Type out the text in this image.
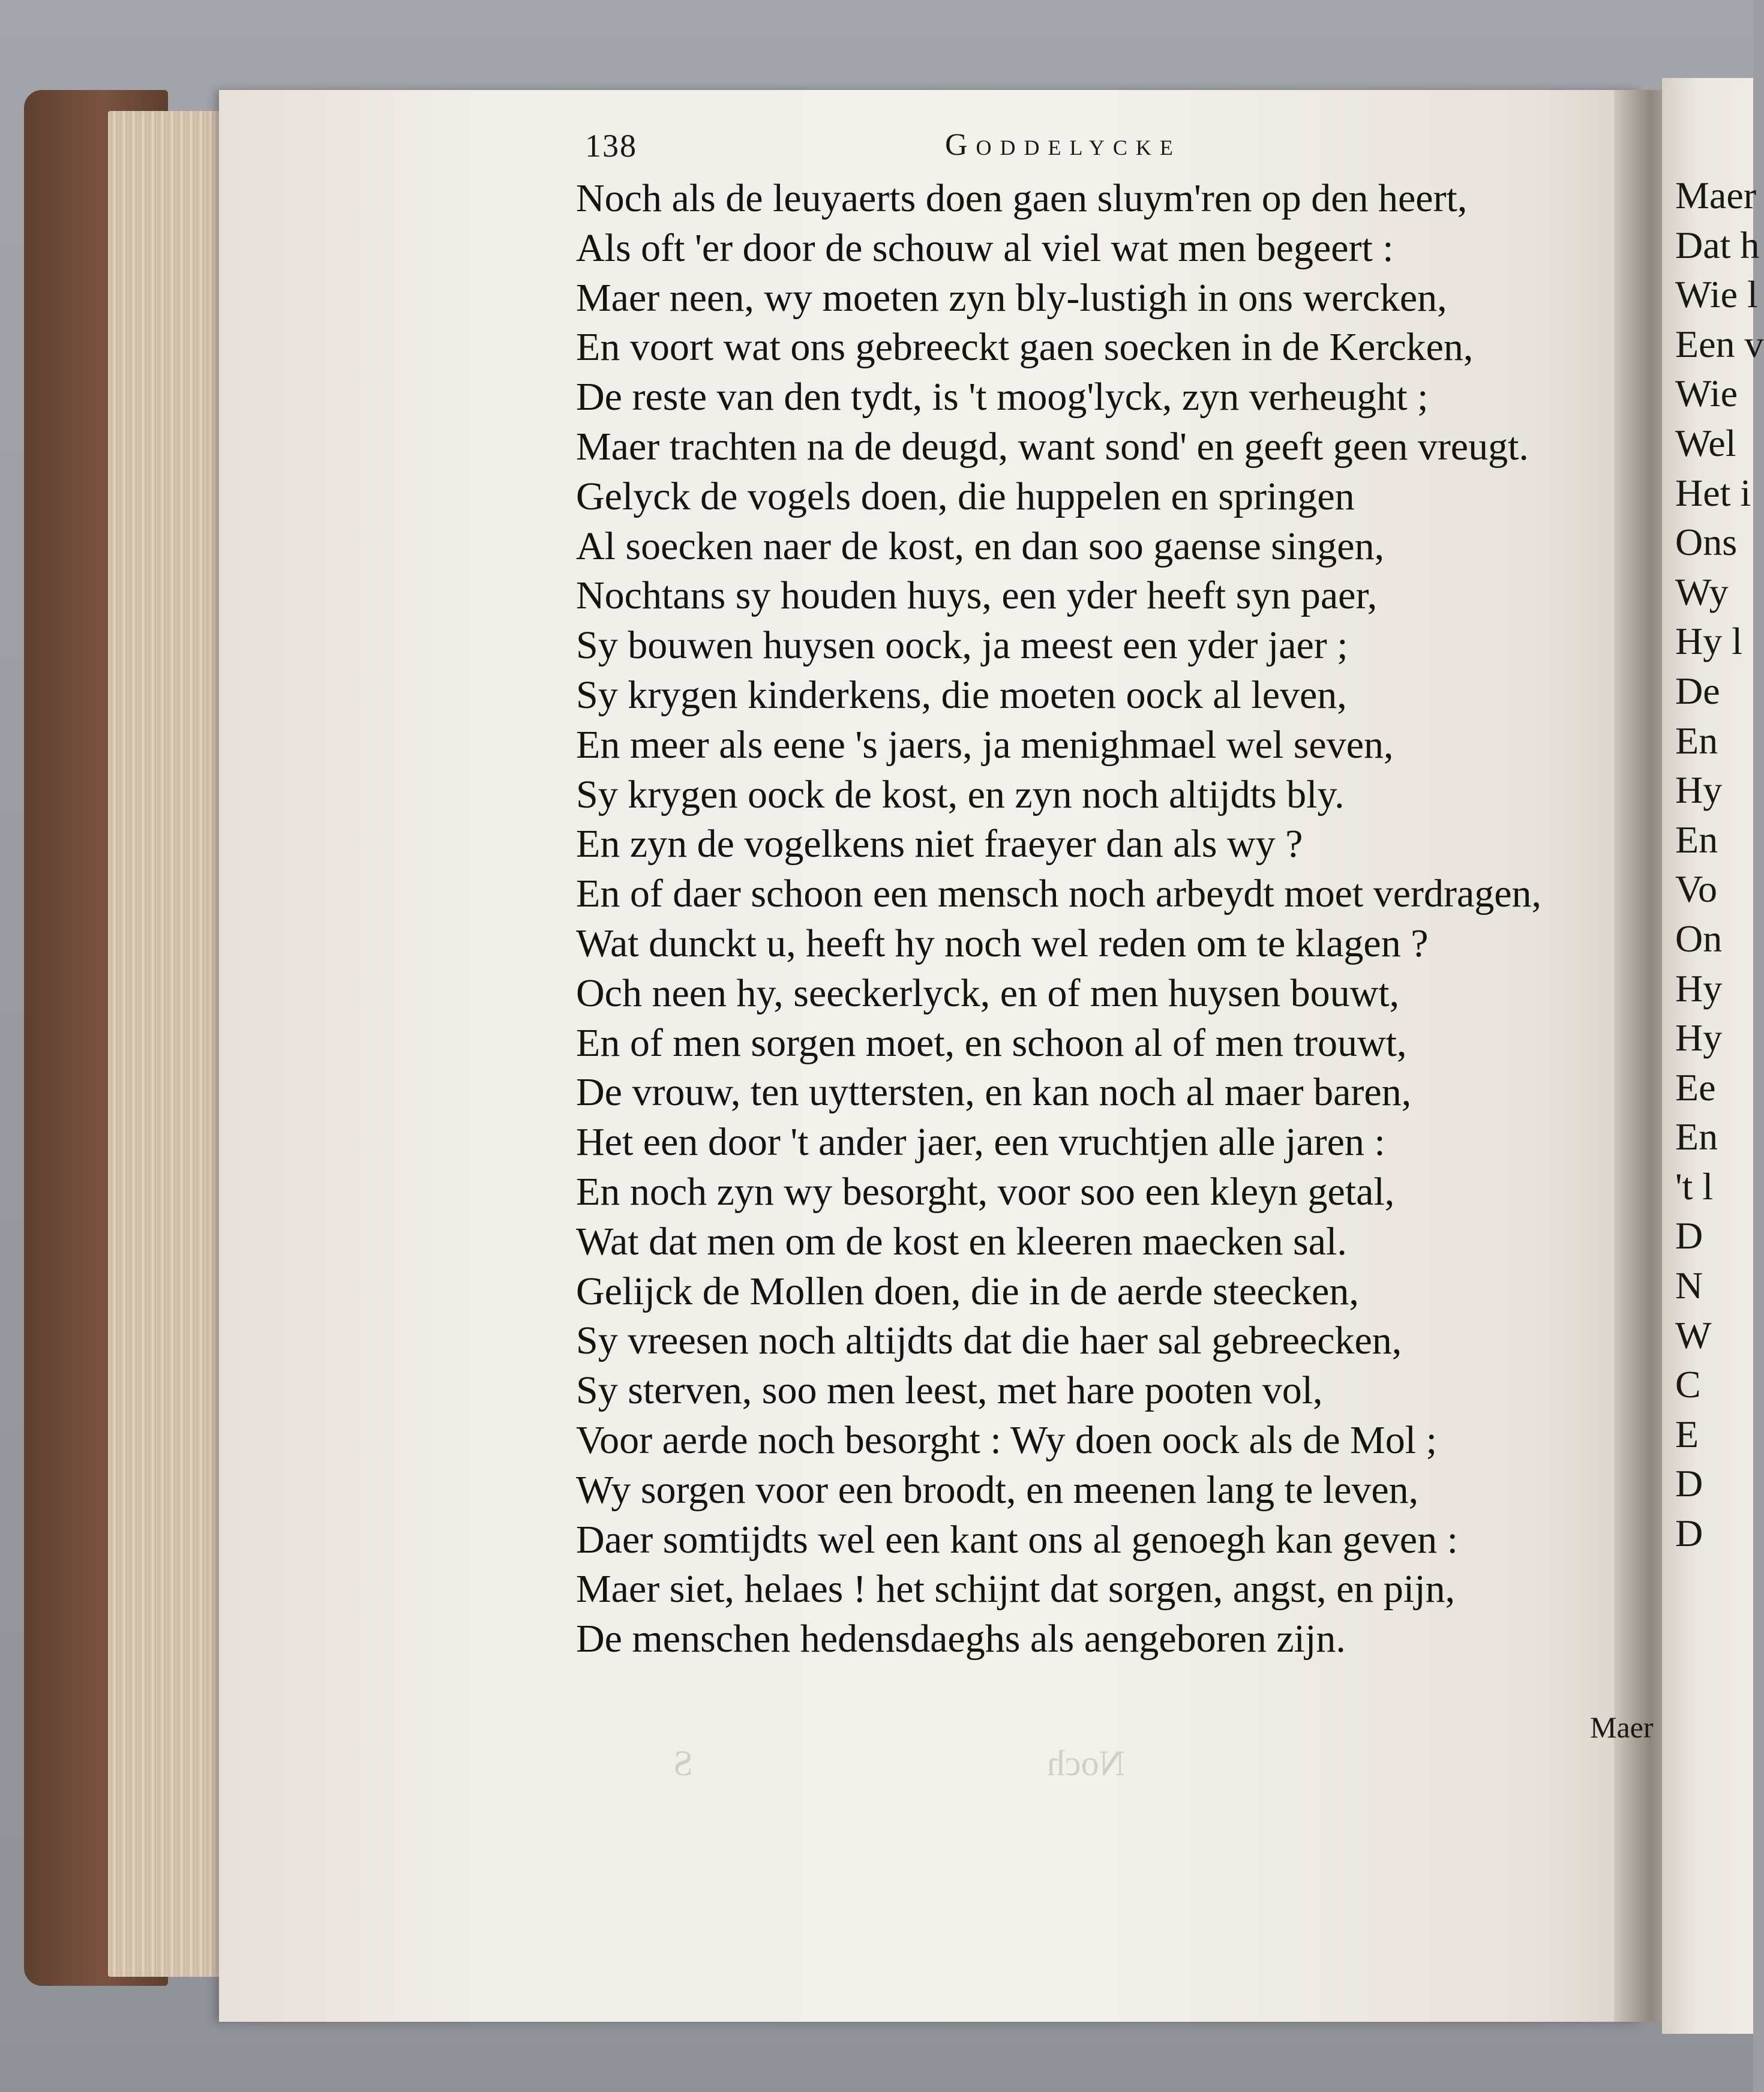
138	Goddelycke
Noch als de leuyaerts doen gaen sluym'ren op den heert,
Als oft 'er door de schouw al viel wat men begeert :
Maer neen, wy moeten zyn bly-lustigh in ons wercken,
En voort wat ons gebreeckt gaen soecken in de Kercken,
De reste van den tydt, is 't moog'lyck, zyn verheught ;
Maer trachten na de deugd, want sond' en geeft geen vreugt.
Gelyck de vogels doen, die huppelen en springen
Al soecken naer de kost, en dan soo gaense singen,
Nochtans sy houden huys, een yder heeft syn paer,
Sy bouwen huysen oock, ja meest een yder jaer ;
Sy krygen kinderkens, die moeten oock al leven,
En meer als eene 's jaers, ja menighmael wel seven,
Sy krygen oock de kost, en zyn noch altijdts bly.
En zyn de vogelkens niet fraeyer dan als wy ?
En of daer schoon een mensch noch arbeydt moet verdragen,
Wat dunckt u, heeft hy noch wel reden om te klagen ?
Och neen hy, seeckerlyck, en of men huysen bouwt,
En of men sorgen moet, en schoon al of men trouwt,
De vrouw, ten uyttersten, en kan noch al maer baren,
Het een door 't ander jaer, een vruchtjen alle jaren :
En noch zyn wy besorght, voor soo een kleyn getal,
Wat dat men om de kost en kleeren maecken sal.
Gelijck de Mollen doen, die in de aerde steecken,
Sy vreesen noch altijdts dat die haer sal gebreecken,
Sy sterven, soo men leest, met hare pooten vol,
Voor aerde noch besorght : Wy doen oock als de Mol ;
Wy sorgen voor een broodt, en meenen lang te leven,
Daer somtijdts wel een kant ons al genoegh kan geven :
Maer siet, helaes ! het schijnt dat sorgen, angst, en pijn,
De menschen hedensdaeghs als aengeboren zijn.
Maer
Noch  S
Maer
Dat h
Wie l
Een v
Wie
Wel
Het i
Ons
Wy
Hy l
De
En
Hy
En
Vo
On
Hy
Hy
Ee
En
't l
D
N
W
C
E
D
D
